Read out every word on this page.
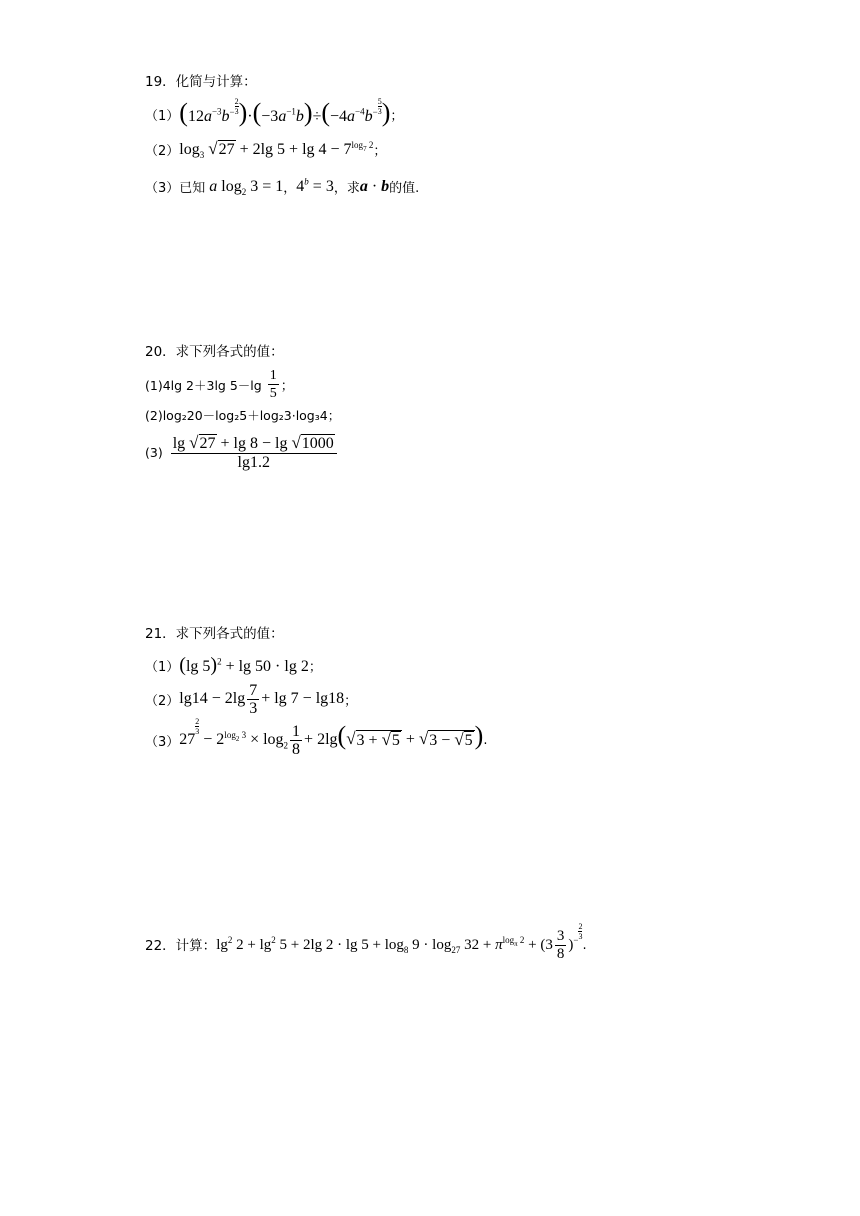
19．化简与计算：
（1） ($12a^{-3}b^{- \frac{2}{3}}$ )$\cdot(-3a^{-1}b)\div(-4a^{-4}b^{- \frac{5}{3}}$ ) ；
（2） $\log_3$ √ 27 + 2lg $5 + \lg 4 - 7^{log_7 2}$ ；
（3） 已知 a $\log_2 3 = 1$ ， $4^b = 3$ ，求 a · b 的值.
20．求下列各式的值：
(1)4lg 2＋3lg $5-\lg \frac{1}{5}$ ；
(2)log₂20－log₂5＋log₂3·log₃4；
$(3) \frac{\lg √ 27 + \lg 8 - \lg √ 1000}{\lg 1.2}$
21．求下列各式的值：
（1） (lg 5)$^2$ + lg 50 · lg 2 ；
（2） $\lg 14 - 2\lg \frac{7}{3} + \lg 7 - \lg 18$ ；
（3） 27
$^{\frac{2}{3}}$
− $2^{log_2 3} \times \log_2 \frac{1}{8} + 2\lg$( √ 3 + √ 5 + √ 3 − √ 5 ) .
22．计算： $\lg^2 2 + \lg^2 5 + 2\lg$ $2 \cdot \lg 5 + \log_8 9 \cdot \log_{27} 32 + \pi^{log_\pi 2} + (3 \frac{3}{8} )^{- \frac{2}{3}}$
.
